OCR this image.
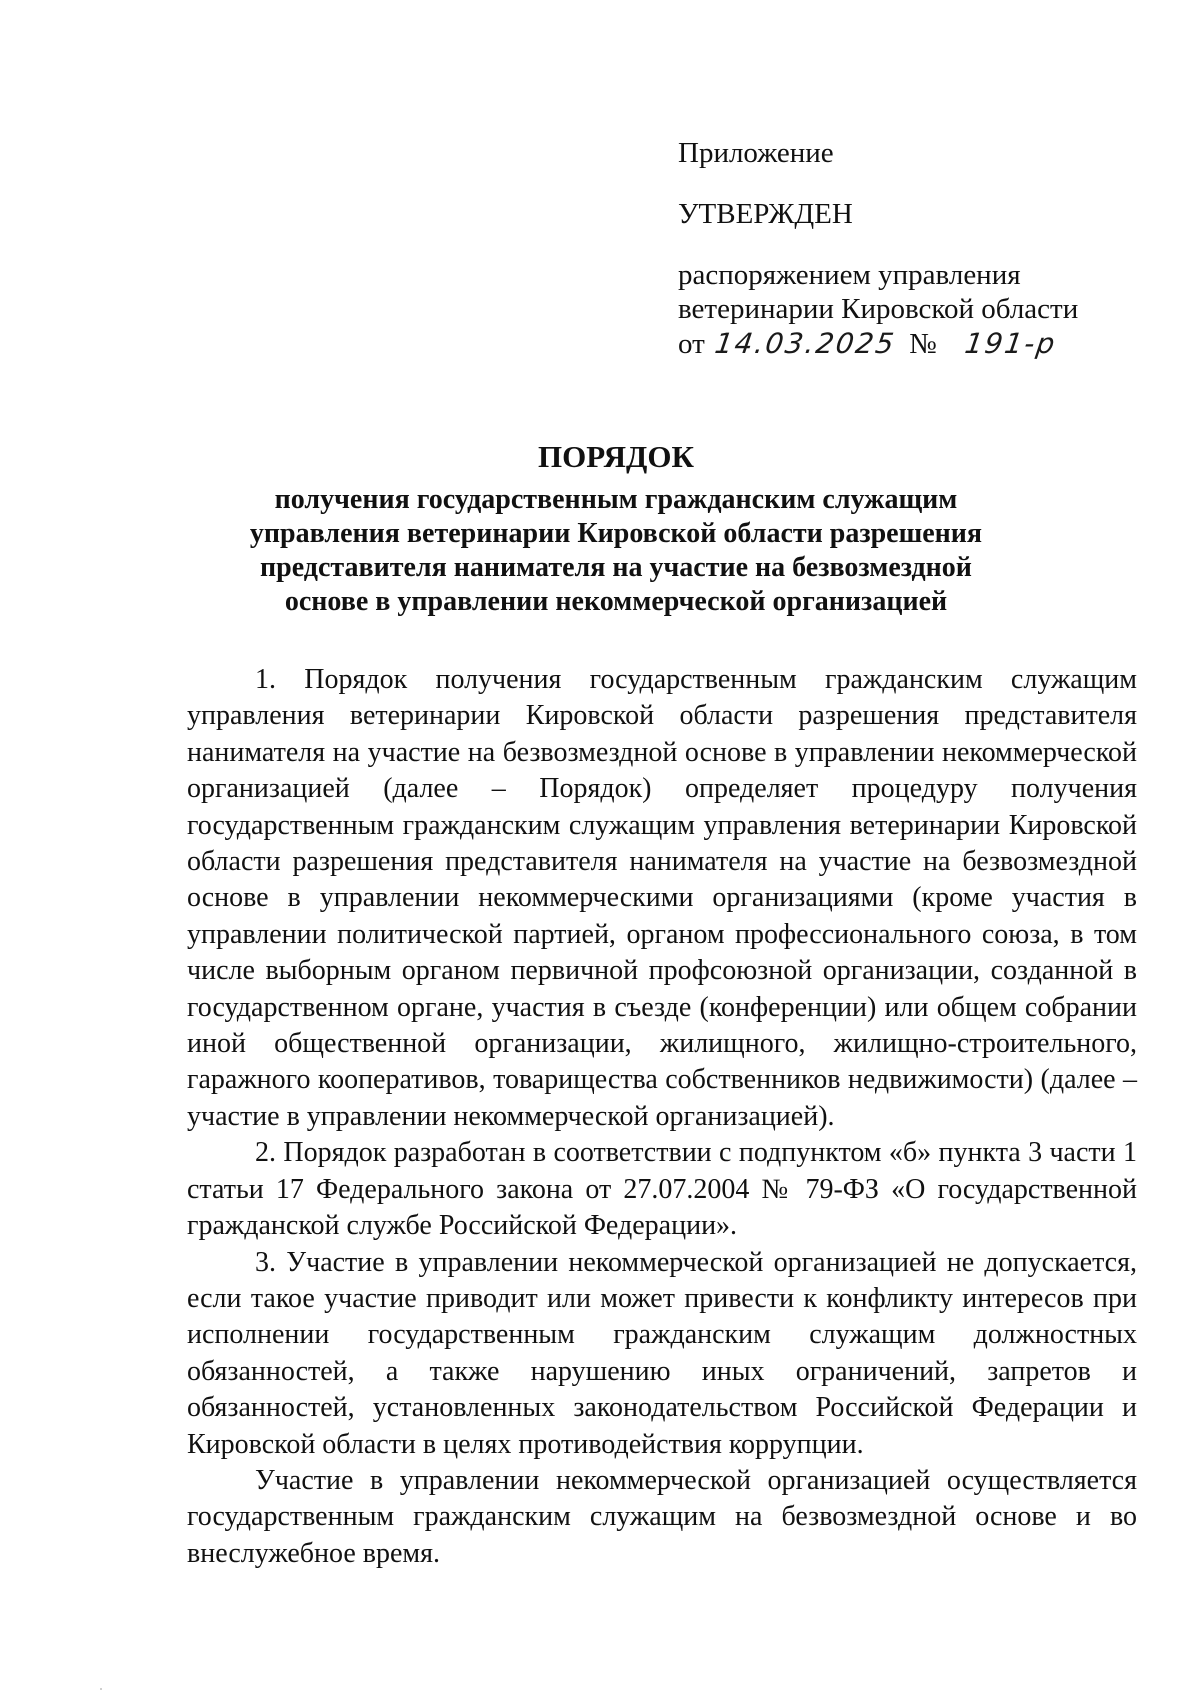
Приложение
УТВЕРЖДЕН
распоряжением управления
ветеринарии Кировской области
от 14.03.2025 № 191-р
ПОРЯДОК
получения государственным гражданским служащим
управления ветеринарии Кировской области разрешения
представителя нанимателя на участие на безвозмездной
основе в управлении некоммерческой организацией

1. Порядок получения государственным гражданским служащим управления ветеринарии Кировской области разрешения представителя нанимателя на участие на безвозмездной основе в управлении некоммерческой организацией (далее – Порядок) определяет процедуру получения государственным гражданским служащим управления ветеринарии Кировской области разрешения представителя нанимателя на участие на безвозмездной основе в управлении некоммерческими организациями (кроме участия в управлении политической партией, органом профессионального союза, в том числе выборным органом первичной профсоюзной организации, созданной в государственном органе, участия в съезде (конференции) или общем собрании иной общественной организации, жилищного, жилищно-строительного, гаражного кооперативов, товарищества собственников недвижимости) (далее – участие в управлении некоммерческой организацией).

2. Порядок разработан в соответствии с подпунктом «б» пункта 3 части 1 статьи 17 Федерального закона от 27.07.2004 № 79-ФЗ «О государственной гражданской службе Российской Федерации».

3. Участие в управлении некоммерческой организацией не допускается, если такое участие приводит или может привести к конфликту интересов при исполнении государственным гражданским служащим должностных обязанностей, а также нарушению иных ограничений, запретов и обязанностей, установленных законодательством Российской Федерации и Кировской области в целях противодействия коррупции.

Участие в управлении некоммерческой организацией осуществляется государственным гражданским служащим на безвозмездной основе и во внеслужебное время.
